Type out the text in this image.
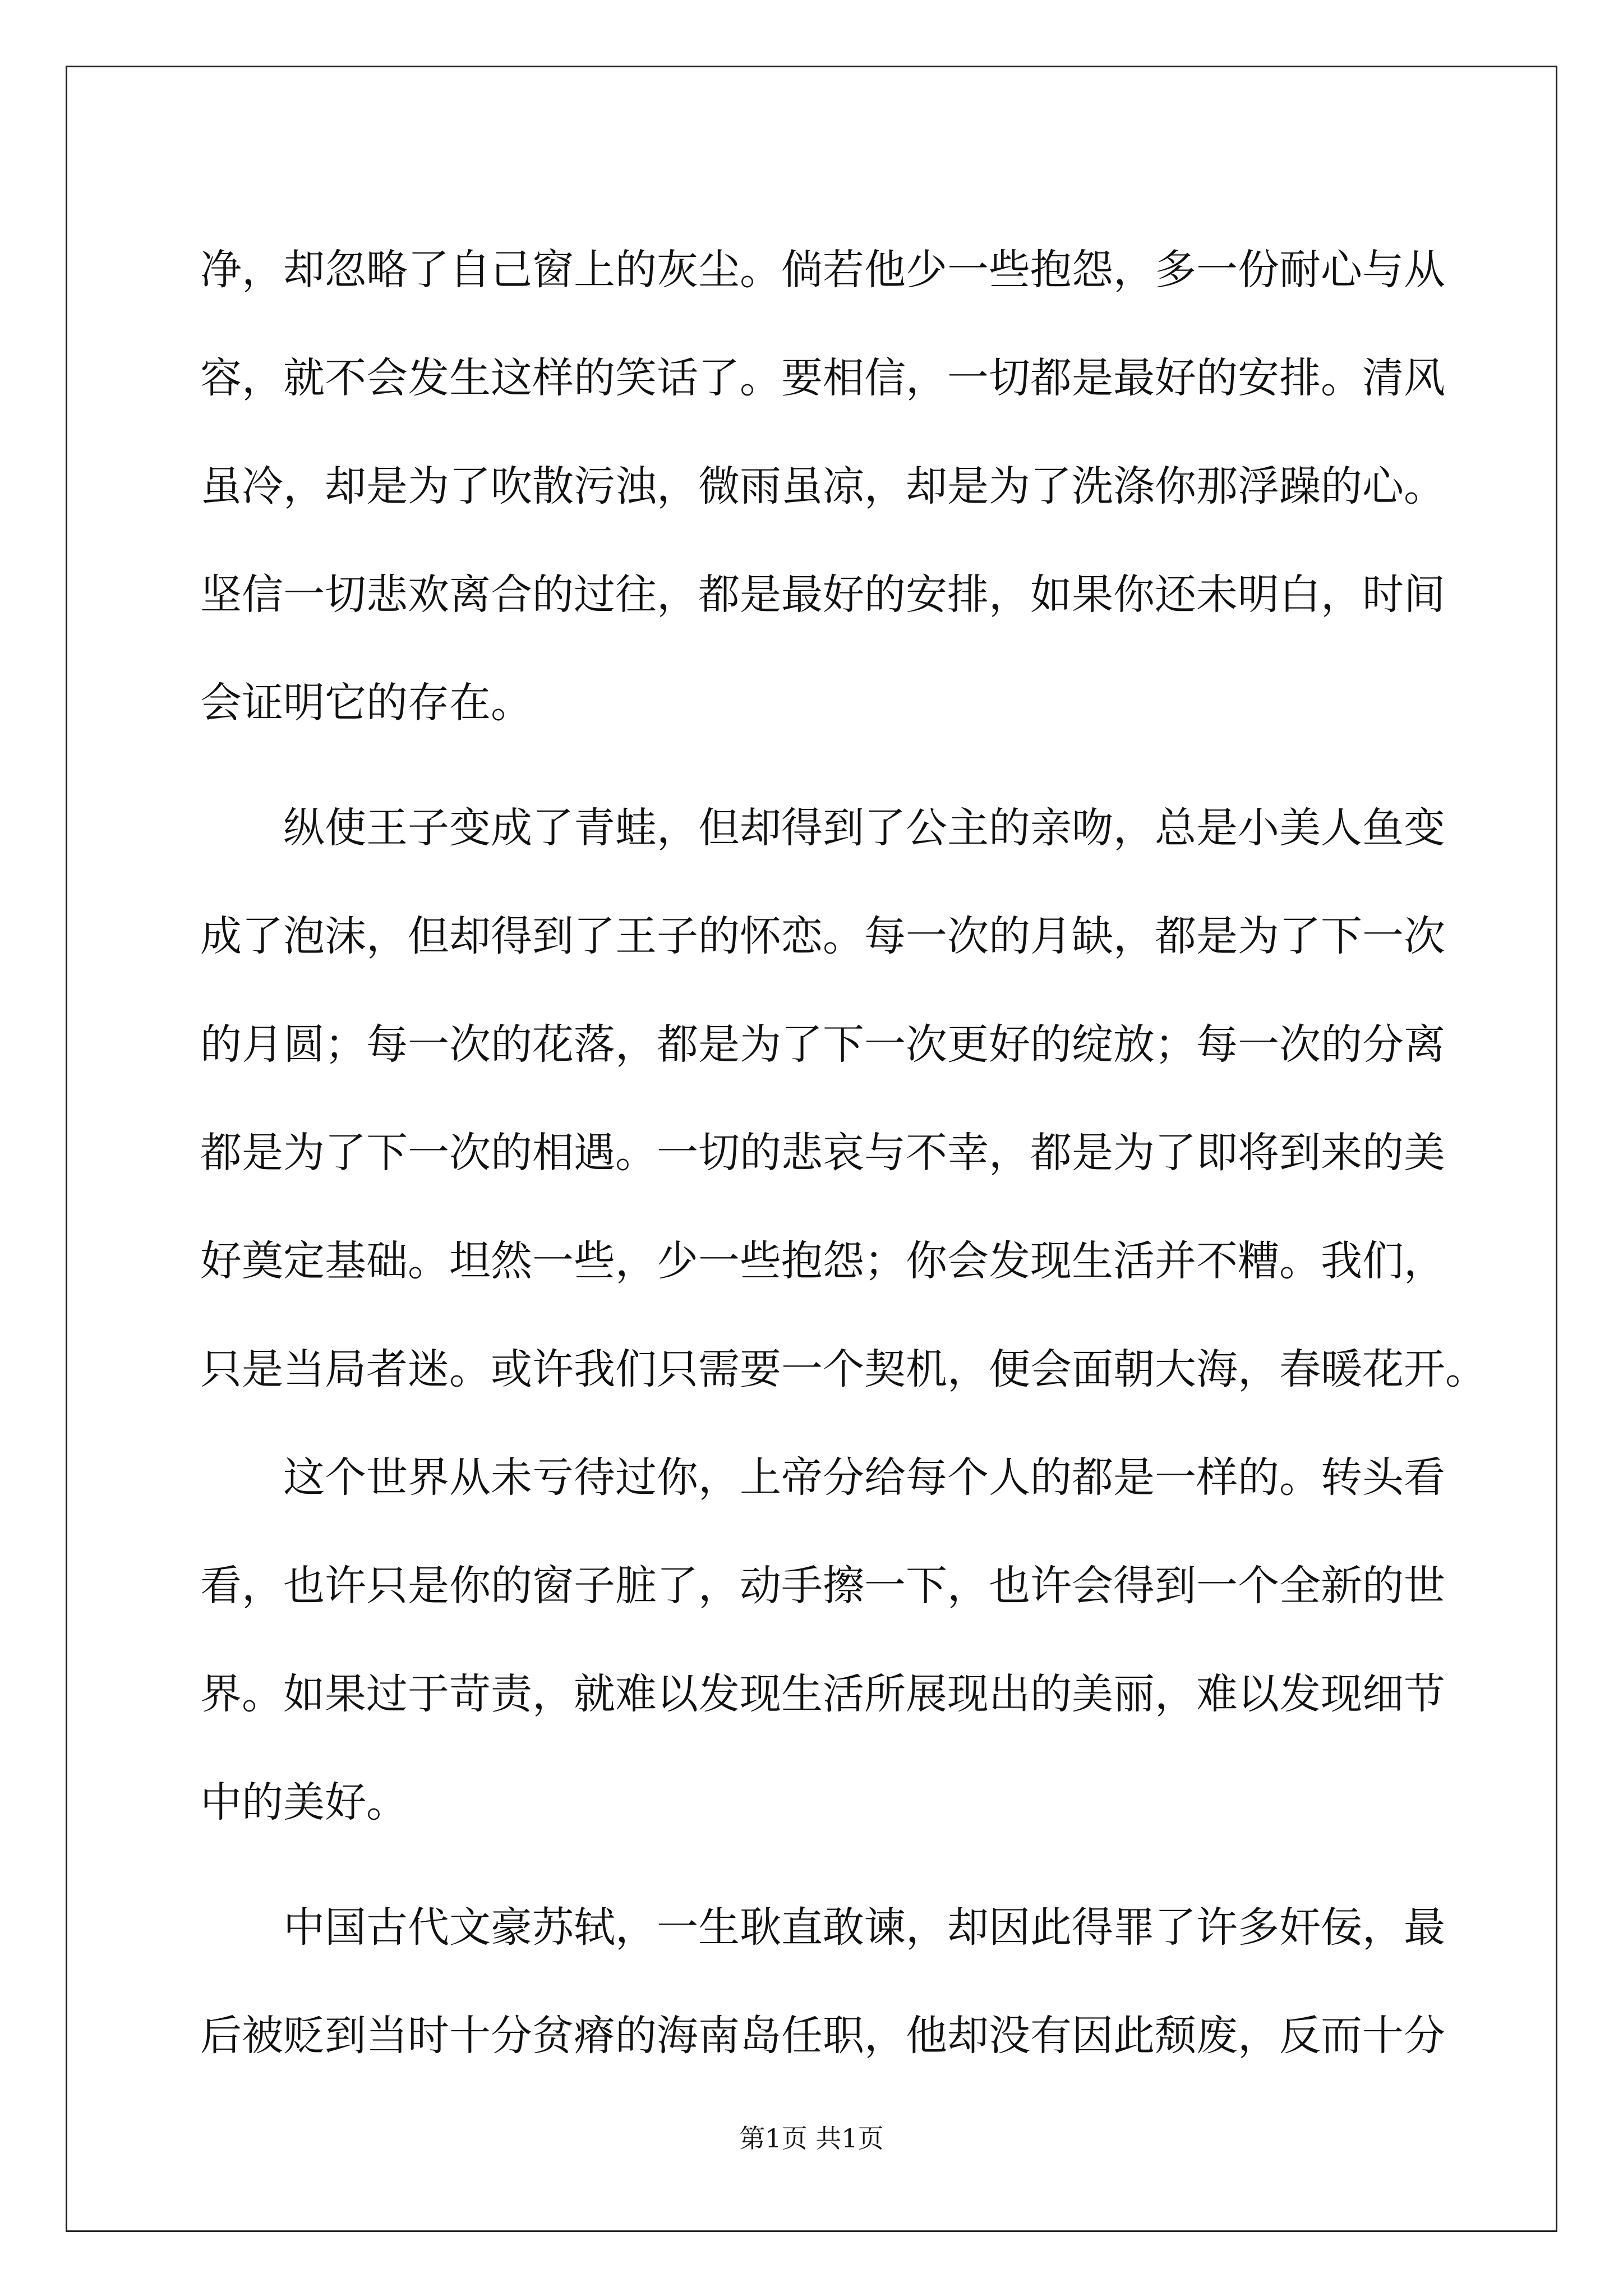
净，却忽略了自己窗上的灰尘。倘若他少一些抱怨，多一份耐心与从
容，就不会发生这样的笑话了。要相信，一切都是最好的安排。清风
虽冷，却是为了吹散污浊，微雨虽凉，却是为了洗涤你那浮躁的心。
坚信一切悲欢离合的过往，都是最好的安排，如果你还未明白，时间
会证明它的存在。
纵使王子变成了青蛙，但却得到了公主的亲吻，总是小美人鱼变
成了泡沫，但却得到了王子的怀恋。每一次的月缺，都是为了下一次
的月圆；每一次的花落，都是为了下一次更好的绽放；每一次的分离
都是为了下一次的相遇。一切的悲哀与不幸，都是为了即将到来的美
好奠定基础。坦然一些，少一些抱怨；你会发现生活并不糟。我们，
只是当局者迷。或许我们只需要一个契机，便会面朝大海，春暖花开。
这个世界从未亏待过你，上帝分给每个人的都是一样的。转头看
看，也许只是你的窗子脏了，动手擦一下，也许会得到一个全新的世
界。如果过于苛责，就难以发现生活所展现出的美丽，难以发现细节
中的美好。
中国古代文豪苏轼，一生耿直敢谏，却因此得罪了许多奸佞，最
后被贬到当时十分贫瘠的海南岛任职，他却没有因此颓废，反而十分
第1页 共1页
